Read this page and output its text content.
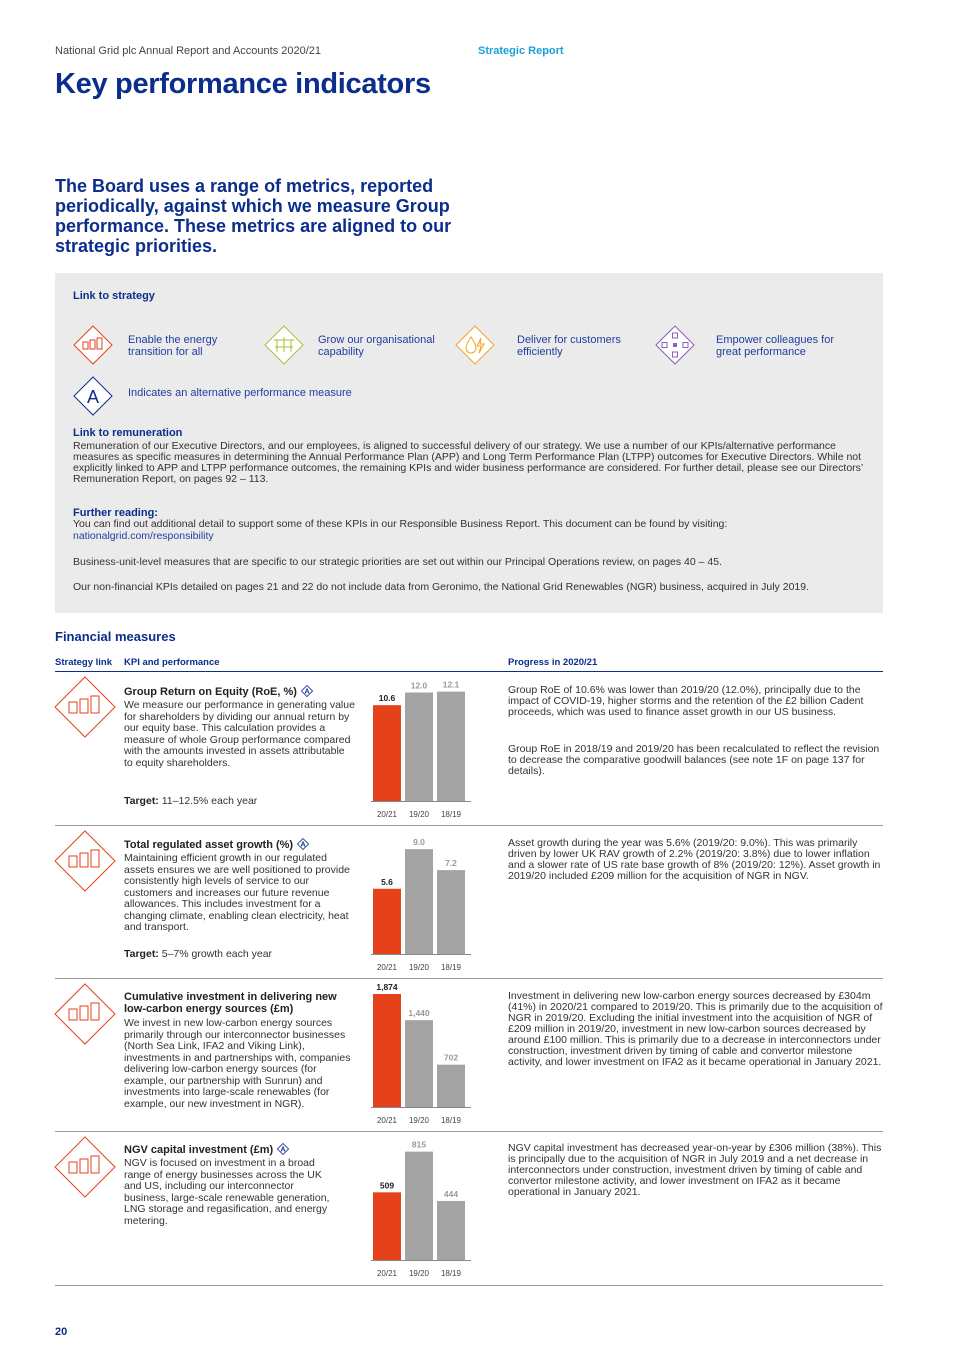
National Grid plc Annual Report and Accounts 2020/21	Strategic Report
Key performance indicators
The Board uses a range of metrics, reported periodically, against which we measure Group performance. These metrics are aligned to our strategic priorities.
Link to strategy
Enable the energy transition for all
Grow our organisational capability
Deliver for customers efficiently
Empower colleagues for great performance
A	Indicates an alternative performance measure
Link to remuneration
Remuneration of our Executive Directors, and our employees, is aligned to successful delivery of our strategy. We use a number of our KPIs/alternative performance measures as specific measures in determining the Annual Performance Plan (APP) and Long Term Performance Plan (LTPP) outcomes for Executive Directors. While not explicitly linked to APP and LTPP performance outcomes, the remaining KPIs and wider business performance are considered. For further detail, please see our Directors’ Remuneration Report, on pages 92 – 113.
Further reading:
You can find out additional detail to support some of these KPIs in our Responsible Business Report. This document can be found by visiting:
nationalgrid.com/responsibility
Business-unit-level measures that are specific to our strategic priorities are set out within our Principal Operations review, on pages 40 – 45.
Our non-financial KPIs detailed on pages 21 and 22 do not include data from Geronimo, the National Grid Renewables (NGR) business, acquired in July 2019.
Financial measures
Strategy link KPI and performance	Progress in 2020/21
Group Return on Equity (RoE, %) A
We measure our performance in generating value for shareholders by dividing our annual return by our equity base. This calculation provides a measure of whole Group performance compared with the amounts invested in assets attributable to equity shareholders.
Target: 11–12.5% each year
Group RoE of 10.6% was lower than 2019/20 (12.0%), principally due to the impact of COVID-19, higher storms and the retention of the £2 billion Cadent proceeds, which was used to finance asset growth in our US business.
Group RoE in 2018/19 and 2019/20 has been recalculated to reflect the revision to decrease the comparative goodwill balances (see note 1F on page 137 for details).
Total regulated asset growth (%) A
Maintaining efficient growth in our regulated assets ensures we are well positioned to provide consistently high levels of service to our customers and increases our future revenue allowances. This includes investment for a changing climate, enabling clean electricity, heat and transport.
Target: 5–7% growth each year
Asset growth during the year was 5.6% (2019/20: 9.0%). This was primarily driven by lower UK RAV growth of 2.2% (2019/20: 3.8%) due to lower inflation and a slower rate of US rate base growth of 8% (2019/20: 12%). Asset growth in 2019/20 included £209 million for the acquisition of NGR in NGV.
Cumulative investment in delivering new low-carbon energy sources (£m)
We invest in new low-carbon energy sources primarily through our interconnector businesses (North Sea Link, IFA2 and Viking Link), investments in and partnerships with, companies delivering low-carbon energy sources (for example, our partnership with Sunrun) and investments into large-scale renewables (for example, our new investment in NGR).
Investment in delivering new low-carbon energy sources decreased by £304m (41%) in 2020/21 compared to 2019/20. This is primarily due to the acquisition of NGR in 2019/20. Excluding the initial investment into the acquisition of NGR of £209 million in 2019/20, investment in new low-carbon sources decreased by around £100 million. This is primarily due to a decrease in interconnectors under construction, investment driven by timing of cable and convertor milestone activity, and lower investment on IFA2 as it became operational in January 2021.
NGV capital investment (£m) A
NGV is focused on investment in a broad range of energy businesses across the UK and US, including our interconnector business, large-scale renewable generation, LNG storage and regasification, and energy metering.
NGV capital investment has decreased year-on-year by £306 million (38%). This is principally due to the acquisition of NGR in July 2019 and a net decrease in interconnectors under construction, investment driven by timing of cable and convertor milestone activity, and lower investment on IFA2 as it became operational in January 2021.
10.6
20/21
12.0
19/20
12.1
18/19
5.6
20/21
9.0
19/20
7.2
18/19
1,874
20/21
1,440
19/20
702
18/19
509
20/21
815
19/20
444
18/19
20
